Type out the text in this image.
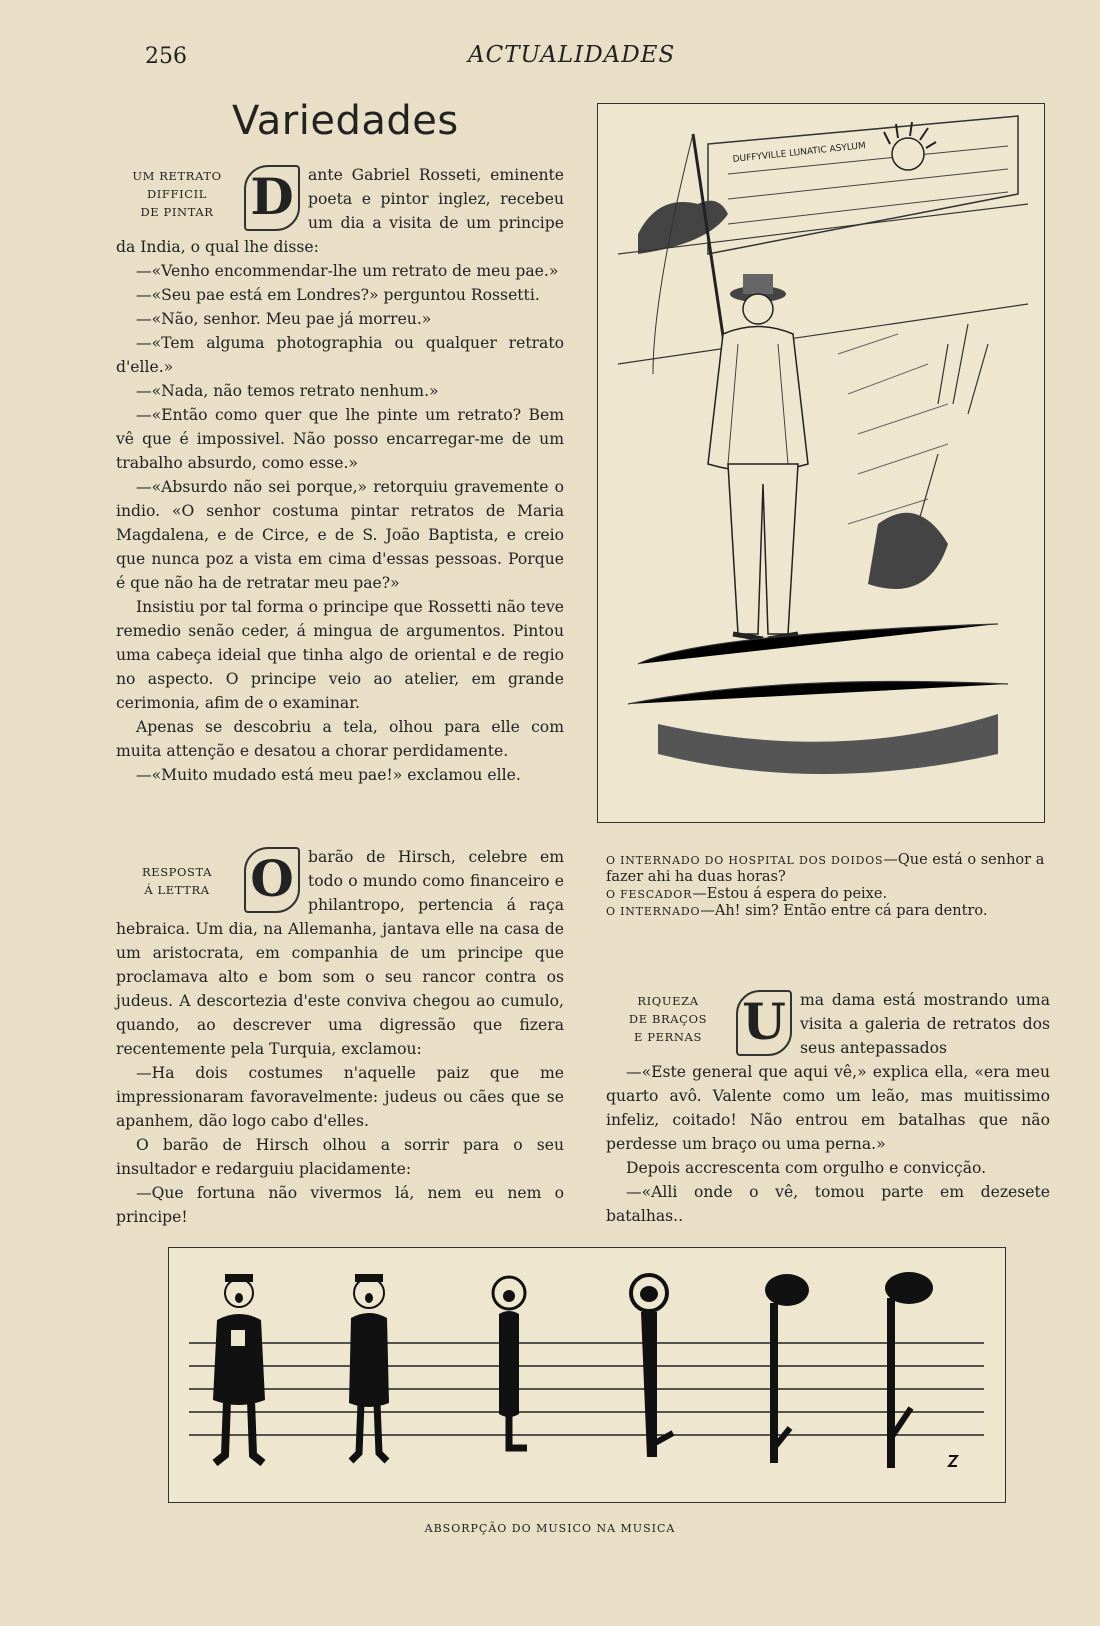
256	ACTUALIDADES
Variedades
UM RETRATO
DIFFICIL
DE PINTAR D ante Gabriel Rosseti, eminente poeta e pintor inglez, recebeu um dia a visita de um principe da India, o qual lhe disse:

—«Venho encommendar-lhe um retrato de meu pae.»

—«Seu pae está em Londres?» perguntou Rossetti.

—«Não, senhor. Meu pae já morreu.»

—«Tem alguma photographia ou qualquer retrato d'elle.»

—«Nada, não temos retrato nenhum.»

—«Então como quer que lhe pinte um retrato? Bem vê que é impossivel. Não posso encarregar-me de um trabalho absurdo, como esse.»

—«Absurdo não sei porque,» retorquiu gravemente o indio. «O senhor costuma pintar retratos de Maria Magdalena, e de Circe, e de S. João Baptista, e creio que nunca poz a vista em cima d'essas pessoas. Porque é que não ha de retratar meu pae?»

Insistiu por tal forma o principe que Rossetti não teve remedio senão ceder, á mingua de argumentos. Pintou uma cabeça ideial que tinha algo de oriental e de regio no aspecto. O principe veio ao atelier, em grande cerimonia, afim de o examinar.

Apenas se descobriu a tela, olhou para elle com muita attenção e desatou a chorar perdidamente.

—«Muito mudado está meu pae!» exclamou elle.

DUFFYVILLE LUNATIC ASYLUM
O INTERNADO DO HOSPITAL DOS DOIDOS—Que está o senhor a fazer ahi ha duas horas?
O FESCADOR—Estou á espera do peixe.
O INTERNADO—Ah! sim? Então entre cá para dentro.
RESPOSTA
Á LETTRA O barão de Hirsch, celebre em todo o mundo como financeiro e philantropo, pertencia á raça hebraica. Um dia, na Allemanha, jantava elle na casa de um aristocrata, em companhia de um principe que proclamava alto e bom som o seu rancor contra os judeus. A descortezia d'este conviva chegou ao cumulo, quando, ao descrever uma digressão que fizera recentemente pela Turquia, exclamou:

—Ha dois costumes n'aquelle paiz que me impressionaram favoravelmente: judeus ou cães que se apanhem, dão logo cabo d'elles.

O barão de Hirsch olhou a sorrir para o seu insultador e redarguiu placidamente:

—Que fortuna não vivermos lá, nem eu nem o principe!

RIQUEZA
DE BRAÇOS
E PERNAS U ma dama está mostrando uma visita a galeria de retratos dos seus antepassados

—«Este general que aqui vê,» explica ella, «era meu quarto avô. Valente como um leão, mas muitissimo infeliz, coitado! Não entrou em batalhas que não perdesse um braço ou uma perna.»

Depois accrescenta com orgulho e convicção.

—«Alli onde o vê, tomou parte em dezesete batalhas..

ABSORPÇÃO DO MUSICO NA MUSICA
